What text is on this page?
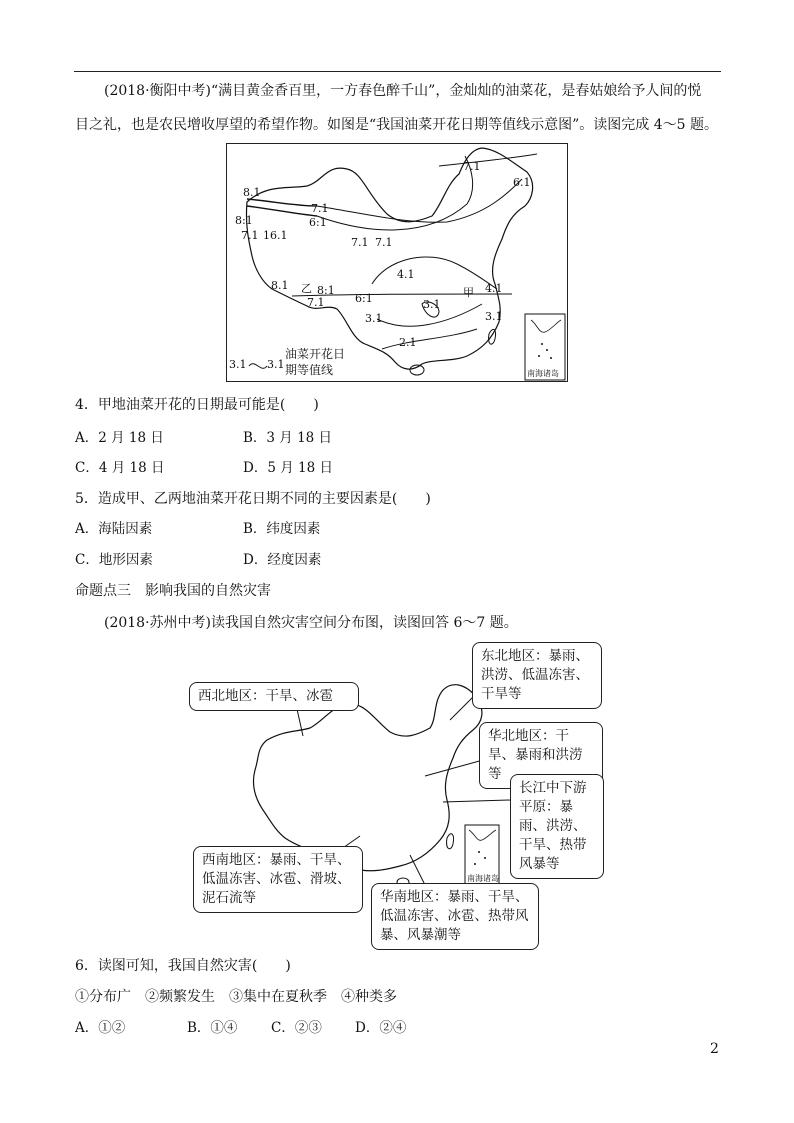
(2018·衡阳中考)“满目黄金香百里，一方春色醉千山”，金灿灿的油菜花，是春姑娘给予人间的悦
目之礼，也是农民增收厚望的希望作物。如图是“我国油菜开花日期等值线示意图”。读图完成 4～5 题。
7.1
6.1
8.1
7.1
8:1	6:1
7.1 16.1
7.1 7.1
4.1
4.1
甲
8.1 乙 8:1
7.1	6:1	3.1
3.1	3.1
2.1
3.1 3.1
油菜开花日
期等值线	南海诸岛
4．甲地油菜开花的日期最可能是(　　)
A．2 月 18 日	B．3 月 18 日
C．4 月 18 日	D．5 月 18 日
5．造成甲、乙两地油菜开花日期不同的主要因素是(　　)
A．海陆因素	B．纬度因素
C．地形因素	D．经度因素
命题点三　影响我国的自然灾害
(2018·苏州中考)读我国自然灾害空间分布图，读图回答 6～7 题。
南海诸岛
西北地区：干旱、冰雹
东北地区：暴雨、洪涝、低温冻害、干旱等
华北地区：干旱、暴雨和洪涝等
长江中下游平原：暴雨、洪涝、干旱、热带风暴等
西南地区：暴雨、干旱、低温冻害、冰雹、滑坡、泥石流等	华南地区：暴雨、干旱、低温冻害、冰雹、热带风暴、风暴潮等
6．读图可知，我国自然灾害(　　)
①分布广　②频繁发生　③集中在夏秋季　④种类多
A．①②	B．①④ C．②③ D．②④
2
